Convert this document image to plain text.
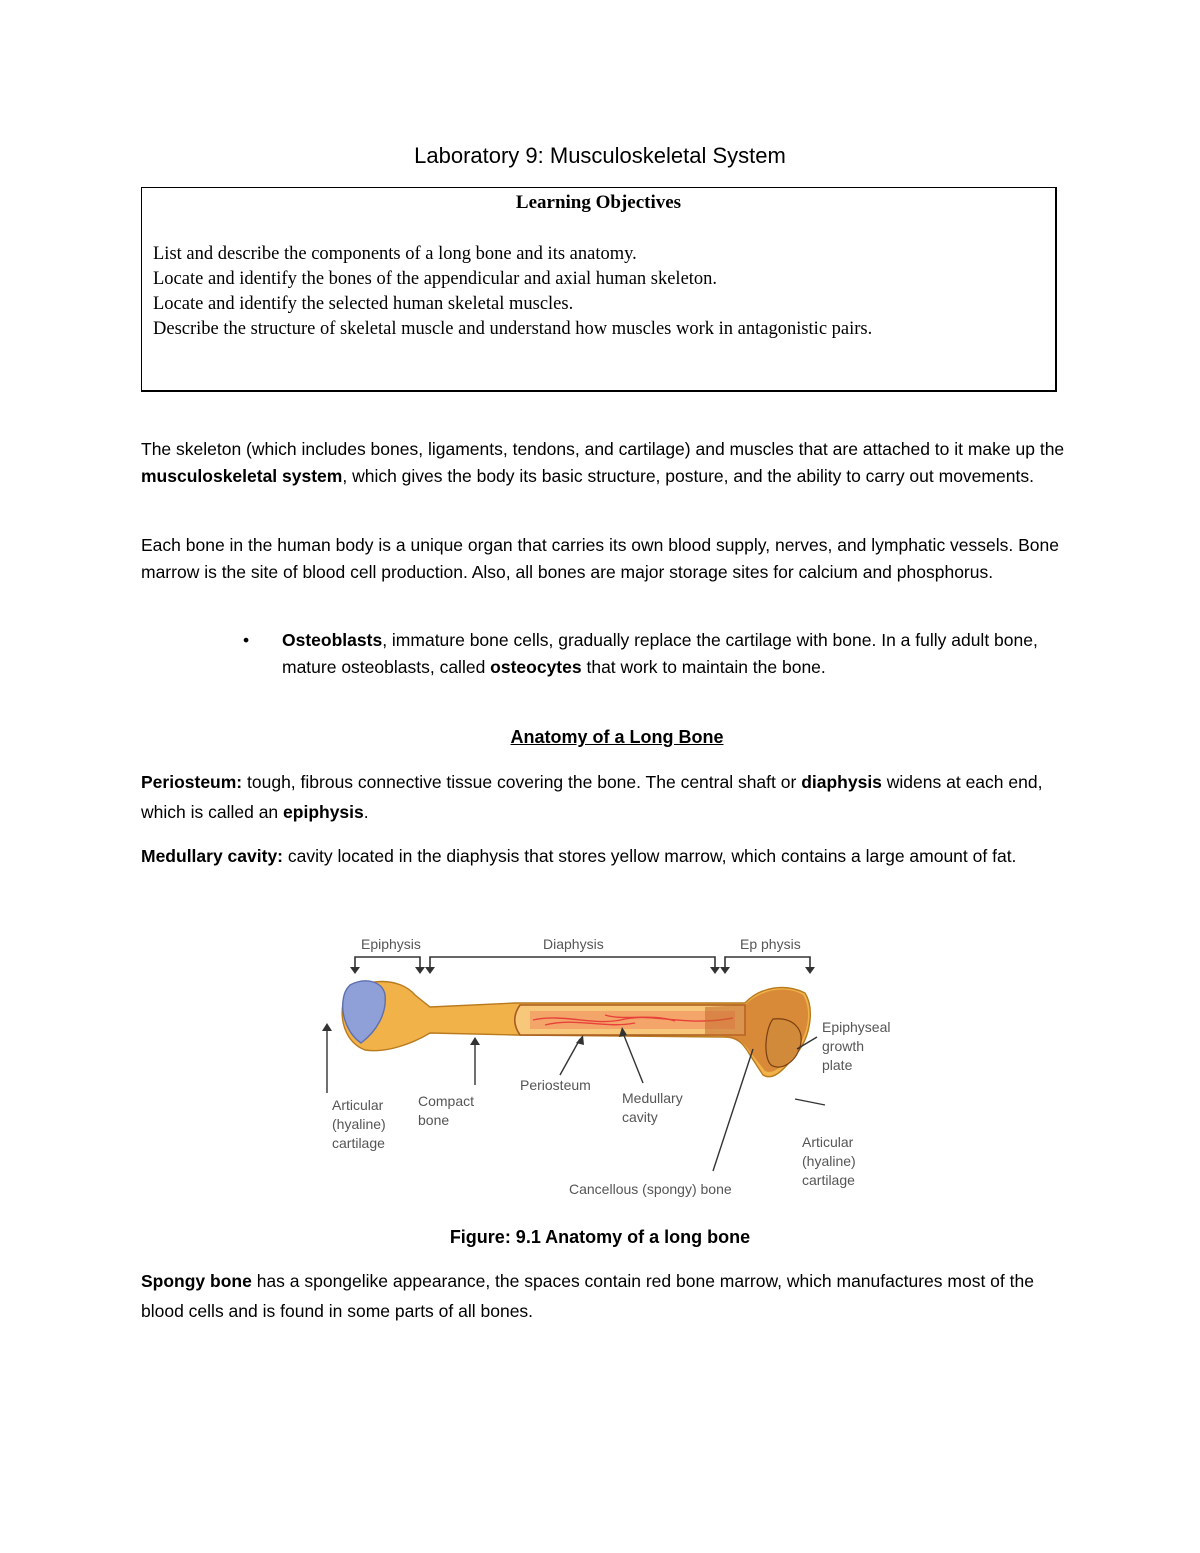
Laboratory 9: Musculoskeletal System
Learning Objectives
List and describe the components of a long bone and its anatomy.
Locate and identify the bones of the appendicular and axial human skeleton.
Locate and identify the selected human skeletal muscles.
Describe the structure of skeletal muscle and understand how muscles work in antagonistic pairs.

The skeleton (which includes bones, ligaments, tendons, and cartilage) and muscles that are attached to it make up the musculoskeletal system, which gives the body its basic structure, posture, and the ability to carry out movements.

Each bone in the human body is a unique organ that carries its own blood supply, nerves, and lymphatic vessels. Bone marrow is the site of blood cell production. Also, all bones are major storage sites for calcium and phosphorus.

• Osteoblasts, immature bone cells, gradually replace the cartilage with bone. In a fully adult bone, mature osteoblasts, called osteocytes that work to maintain the bone.

Anatomy of a Long Bone

Periosteum: tough, fibrous connective tissue covering the bone. The central shaft or diaphysis widens at each end, which is called an epiphysis.

Medullary cavity: cavity located in the diaphysis that stores yellow marrow, which contains a large amount of fat.

Epiphysis	Diaphysis	Ep physis
Articular
(hyaline)
cartilage
Compact
bone
Periosteum
Medullary
cavity
Epiphyseal
growth
plate
Articular
(hyaline)
cartilage
Cancellous (spongy) bone
Figure: 9.1 Anatomy of a long bone

Spongy bone has a spongelike appearance, the spaces contain red bone marrow, which manufactures most of the blood cells and is found in some parts of all bones.
